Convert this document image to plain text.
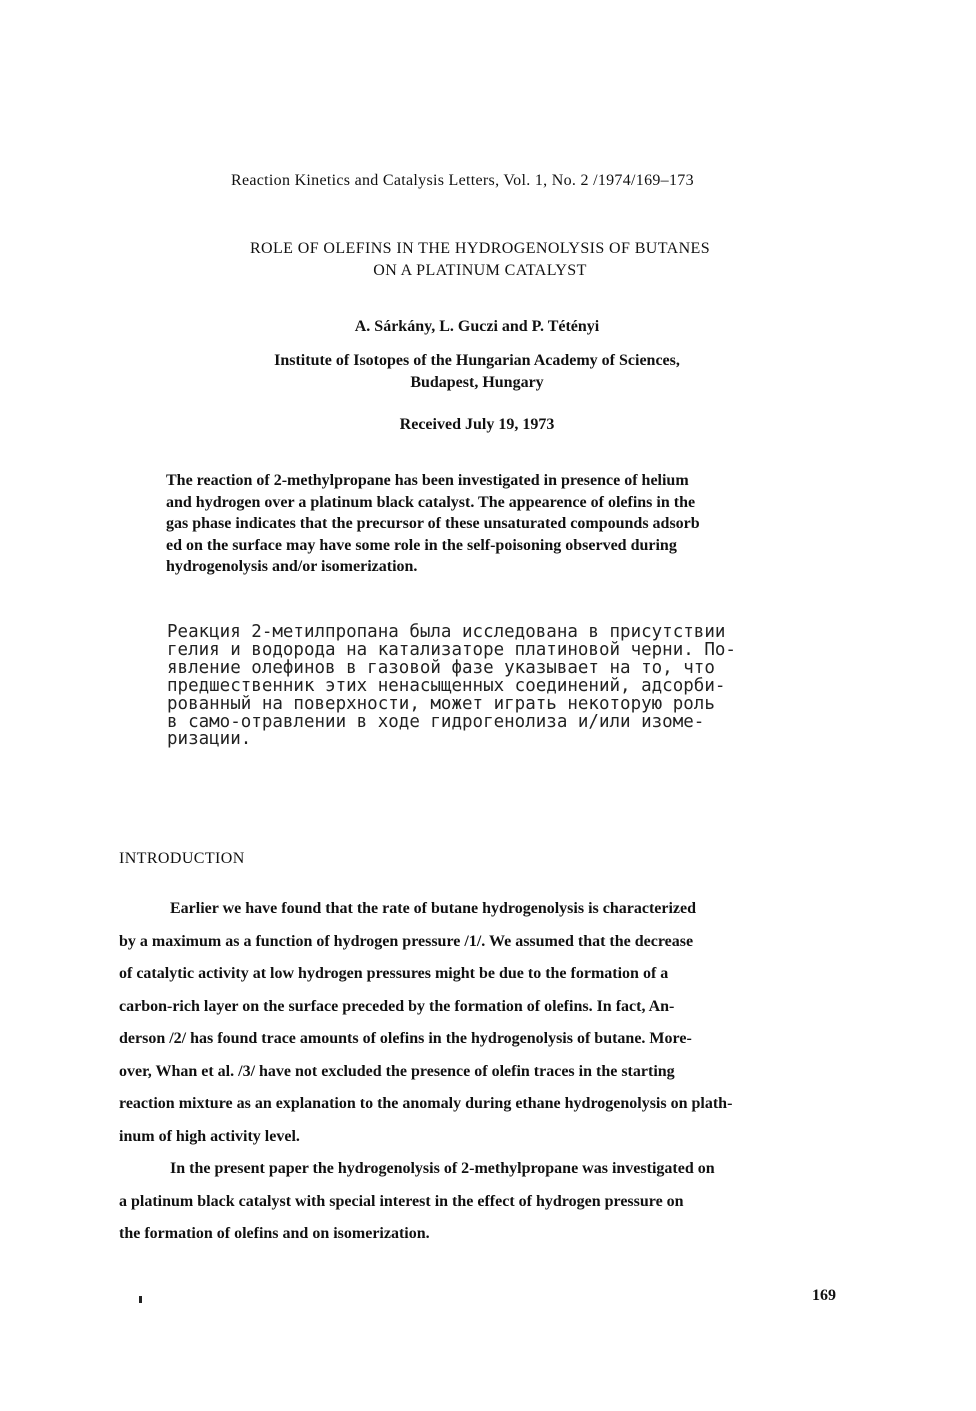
Reaction Kinetics and Catalysis Letters, Vol. 1, No. 2 /1974/169–173
ROLE OF OLEFINS IN THE HYDROGENOLYSIS OF BUTANES
ON A PLATINUM CATALYST
A. Sárkány, L. Guczi and P. Tétényi
Institute of Isotopes of the Hungarian Academy of Sciences,
Budapest, Hungary
Received July 19, 1973

The reaction of 2-methylpropane has been investigated in presence of helium

and hydrogen over a platinum black catalyst. The appearence of olefins in the

gas phase indicates that the precursor of these unsaturated compounds adsorb

ed on the surface may have some role in the self-poisoning observed during

hydrogenolysis and/or isomerization.

Реакция 2-метилпропана была исследована в присутствии

гелия и водорода на катализаторе платиновой черни. По-

явление олефинов в газовой фазе указывает на то, что

предшественник этих ненасыщенных соединений, адсорби-

рованный на поверхности, может играть некоторую роль

в само-отравлении в ходе гидрогенолиза и/или изоме-

ризации.

INTRODUCTION

Earlier we have found that the rate of butane hydrogenolysis is characterized

by a maximum as a function of hydrogen pressure /1/. We assumed that the decrease

of catalytic activity at low hydrogen pressures might be due to the formation of a

carbon-rich layer on the surface preceded by the formation of olefins. In fact, An-

derson /2/ has found trace amounts of olefins in the hydrogenolysis of butane. More-

over, Whan et al. /3/ have not excluded the presence of olefin traces in the starting

reaction mixture as an explanation to the anomaly during ethane hydrogenolysis on plath-

inum of high activity level.

In the present paper the hydrogenolysis of 2-methylpropane was investigated on

a platinum black catalyst with special interest in the effect of hydrogen pressure on

the formation of olefins and on isomerization.

169
